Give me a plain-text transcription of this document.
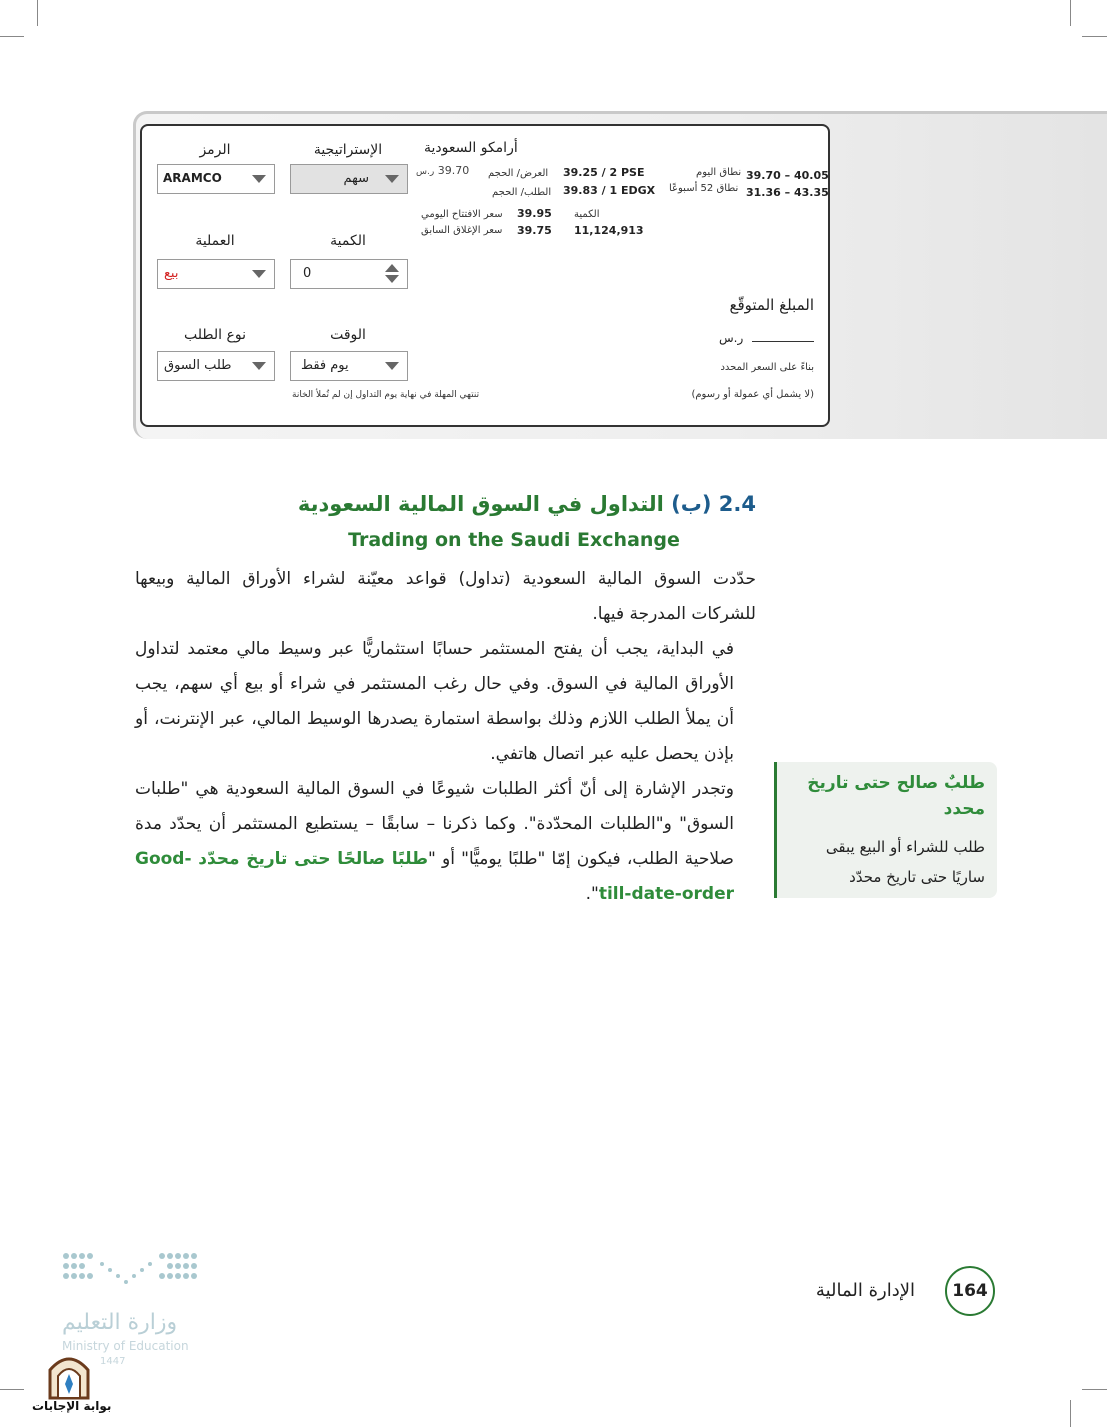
الرمز
ARAMCO
الإستراتيجية
سهم
العملية
بيع
الكمية
0
نوع الطلب
طلب السوق
الوقت
يوم فقط
تنتهي المهلة في نهاية يوم التداول إن لم تُملأ الخانة
أرامكو السعودية
39.70 ر.س	العرض/ الحجم 39.25 / 2 PSE
الطلب/ الحجم 39.83 / 1 EDGX
نطاق اليوم 39.70 – 40.05
نطاق 52 أسبوعًا 31.36 – 43.35
سعر الافتتاح اليومي 39.95
سعر الإغلاق السابق 39.75
الكمية
11,124,913
المبلغ المتوقّع
ر.س
بناءً على السعر المحدد
(لا يشمل أي عمولة أو رسوم)
2.4 (ب) التداول في السوق المالية السعودية
Trading on the Saudi Exchange

حدّدت السوق المالية السعودية (تداول) قواعد معيّنة لشراء الأوراق المالية وبيعها للشركات المدرجة فيها.

في البداية، يجب أن يفتح المستثمر حسابًا استثماريًّا عبر وسيط مالي معتمد لتداول الأوراق المالية في السوق. وفي حال رغب المستثمر في شراء أو بيع أي سهم، يجب أن يملأ الطلب اللازم وذلك بواسطة استمارة يصدرها الوسيط المالي، عبر الإنترنت، أو بإذن يحصل عليه عبر اتصال هاتفي.

وتجدر الإشارة إلى أنّ أكثر الطلبات شيوعًا في السوق المالية السعودية هي "طلبات السوق" و"الطلبات المحدّدة". وكما ذكرنا – سابقًا – يستطيع المستثمر أن يحدّد مدة صلاحية الطلب، فيكون إمّا "طلبًا يوميًّا" أو "طلبًا صالحًا حتى تاريخ محدّد Good-till-date-order".

طلبٌ صالح حتى تاريخ محدد
طلب للشراء أو البيع يبقى ساريًا حتى تاريخ محدّد
164
الإدارة المالية
وزارة التعليم
Ministry of Education
1447
بوابة الإجابات
